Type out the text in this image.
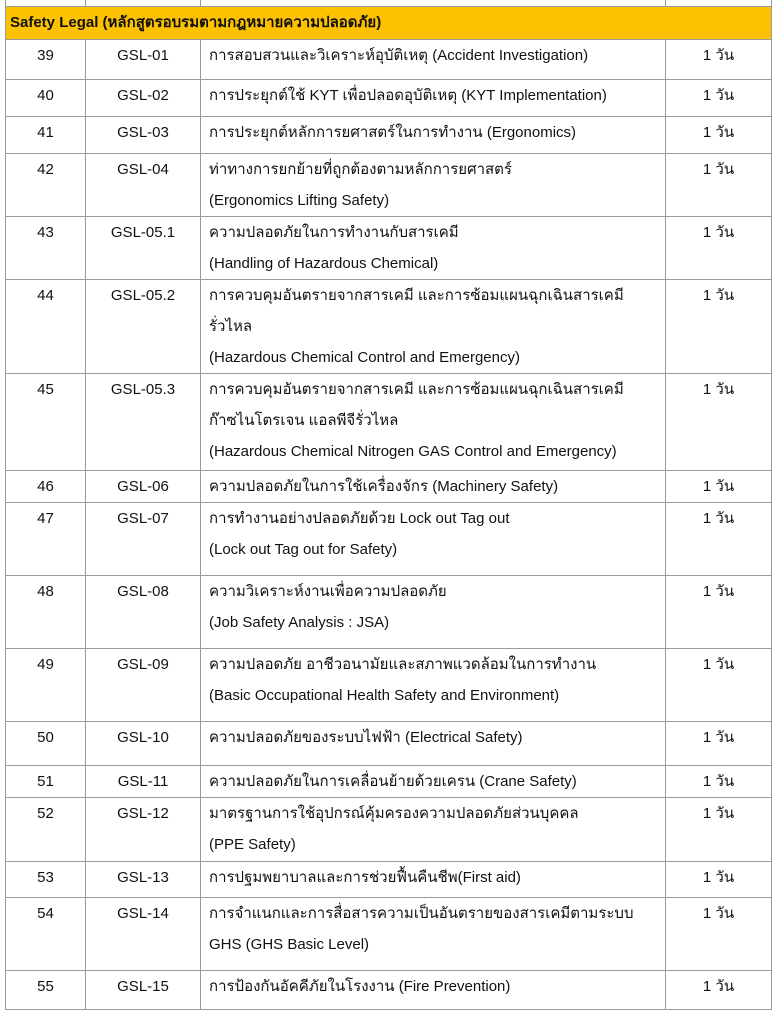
Safety Legal (หลักสูตรอบรมตามกฎหมายความปลอดภัย)			
39	GSL-01	การสอบสวนและวิเคราะห์อุบัติเหตุ (Accident Investigation)	1 วัน
40	GSL-02	การประยุกต์ใช้ KYT เพื่อปลอดอุบัติเหตุ (KYT Implementation)	1 วัน
41	GSL-03	การประยุกต์หลักการยศาสตร์ในการทำงาน (Ergonomics)	1 วัน
42	GSL-04	ท่าทางการยกย้ายที่ถูกต้องตามหลักการยศาสตร์
(Ergonomics Lifting Safety)	1 วัน
43	GSL-05.1	ความปลอดภัยในการทำงานกับสารเคมี
(Handling of Hazardous Chemical)	1 วัน
44	GSL-05.2	การควบคุมอันตรายจากสารเคมี และการซ้อมแผนฉุกเฉินสารเคมี
รั่วไหล
(Hazardous Chemical Control and Emergency)	1 วัน
45	GSL-05.3	การควบคุมอันตรายจากสารเคมี และการซ้อมแผนฉุกเฉินสารเคมี
ก๊าซไนโตรเจน แอลพีจีรั่วไหล
(Hazardous Chemical Nitrogen GAS Control and Emergency)	1 วัน
46	GSL-06	ความปลอดภัยในการใช้เครื่องจักร (Machinery Safety)	1 วัน
47	GSL-07	การทำงานอย่างปลอดภัยด้วย Lock out Tag out
(Lock out Tag out for Safety)	1 วัน
48	GSL-08	ความวิเคราะห์งานเพื่อความปลอดภัย
(Job Safety Analysis : JSA)	1 วัน
49	GSL-09	ความปลอดภัย อาชีวอนามัยและสภาพแวดล้อมในการทำงาน
(Basic Occupational Health Safety and Environment)	1 วัน
50	GSL-10	ความปลอดภัยของระบบไฟฟ้า (Electrical Safety)	1 วัน
51	GSL-11	ความปลอดภัยในการเคลื่อนย้ายด้วยเครน (Crane Safety)	1 วัน
52	GSL-12	มาตรฐานการใช้อุปกรณ์คุ้มครองความปลอดภัยส่วนบุคคล
(PPE Safety)	1 วัน
53	GSL-13	การปฐมพยาบาลและการช่วยฟื้นคืนชีพ(First aid)	1 วัน
54	GSL-14	การจำแนกและการสื่อสารความเป็นอันตรายของสารเคมีตามระบบ
GHS (GHS Basic Level)	1 วัน
55	GSL-15	การป้องกันอัคคีภัยในโรงงาน (Fire Prevention)	1 วัน
